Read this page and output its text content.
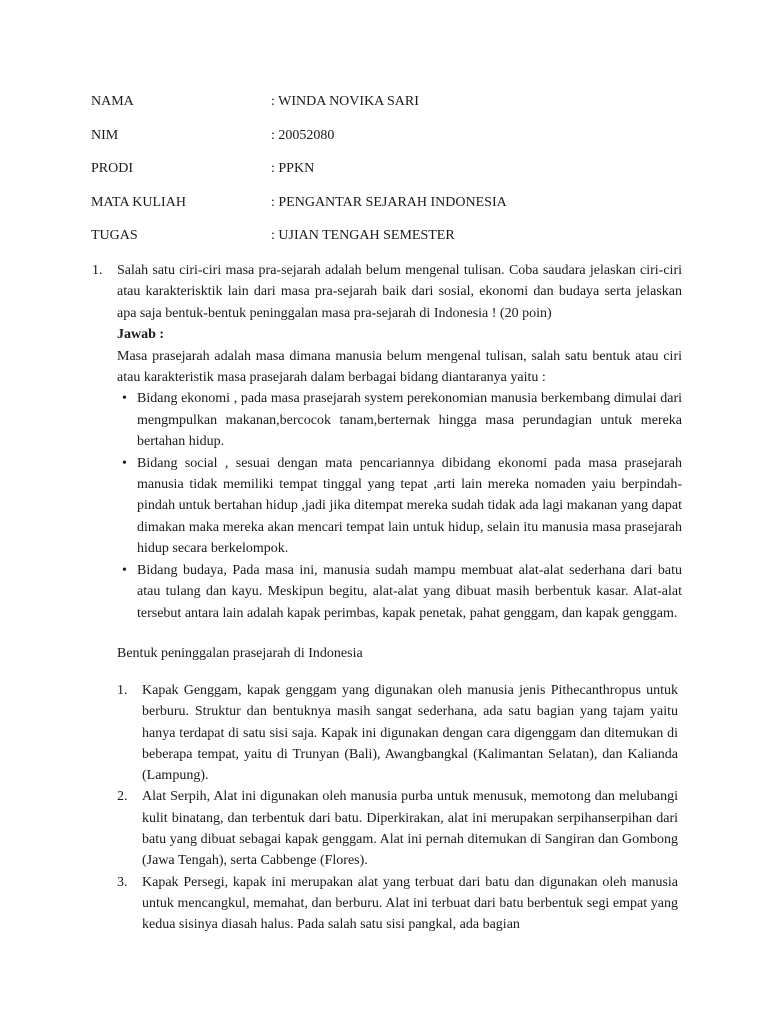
NAMA	: WINDA NOVIKA SARI
NIM	: 20052080
PRODI	: PPKN
MATA KULIAH	: PENGANTAR SEJARAH INDONESIA
TUGAS	: UJIAN TENGAH SEMESTER
1. Salah satu ciri-ciri masa pra-sejarah adalah belum mengenal tulisan. Coba saudara jelaskan ciri-ciri atau karakterisktik lain dari masa pra-sejarah baik dari sosial, ekonomi dan budaya serta jelaskan apa saja bentuk-bentuk peninggalan masa pra-sejarah di Indonesia ! (20 poin)
Jawab :
Masa prasejarah adalah masa dimana manusia belum mengenal tulisan, salah satu bentuk atau ciri atau karakteristik masa prasejarah dalam berbagai bidang diantaranya yaitu :
• Bidang ekonomi , pada masa prasejarah system perekonomian manusia berkembang dimulai dari mengmpulkan makanan,bercocok tanam,berternak hingga masa perundagian untuk mereka bertahan hidup.
• Bidang social , sesuai dengan mata pencariannya dibidang ekonomi pada masa prasejarah manusia tidak memiliki tempat tinggal yang tepat ,arti lain mereka nomaden yaiu berpindah-pindah untuk bertahan hidup ,jadi jika ditempat mereka sudah tidak ada lagi makanan yang dapat dimakan maka mereka akan mencari tempat lain untuk hidup, selain itu manusia masa prasejarah hidup secara berkelompok.
• Bidang budaya, Pada masa ini, manusia sudah mampu membuat alat-alat sederhana dari batu atau tulang dan kayu. Meskipun begitu, alat-alat yang dibuat masih berbentuk kasar. Alat-alat tersebut antara lain adalah kapak perimbas, kapak penetak, pahat genggam, dan kapak genggam.
Bentuk peninggalan prasejarah di Indonesia
1. Kapak Genggam, kapak genggam yang digunakan oleh manusia jenis Pithecanthropus untuk berburu. Struktur dan bentuknya masih sangat sederhana, ada satu bagian yang tajam yaitu hanya terdapat di satu sisi saja. Kapak ini digunakan dengan cara digenggam dan ditemukan di beberapa tempat, yaitu di Trunyan (Bali), Awangbangkal (Kalimantan Selatan), dan Kalianda (Lampung).
2. Alat Serpih, Alat ini digunakan oleh manusia purba untuk menusuk, memotong dan melubangi kulit binatang, dan terbentuk dari batu. Diperkirakan, alat ini merupakan serpihanserpihan dari batu yang dibuat sebagai kapak genggam. Alat ini pernah ditemukan di Sangiran dan Gombong (Jawa Tengah), serta Cabbenge (Flores).
3. Kapak Persegi, kapak ini merupakan alat yang terbuat dari batu dan digunakan oleh manusia untuk mencangkul, memahat, dan berburu. Alat ini terbuat dari batu berbentuk segi empat yang kedua sisinya diasah halus. Pada salah satu sisi pangkal, ada bagian
